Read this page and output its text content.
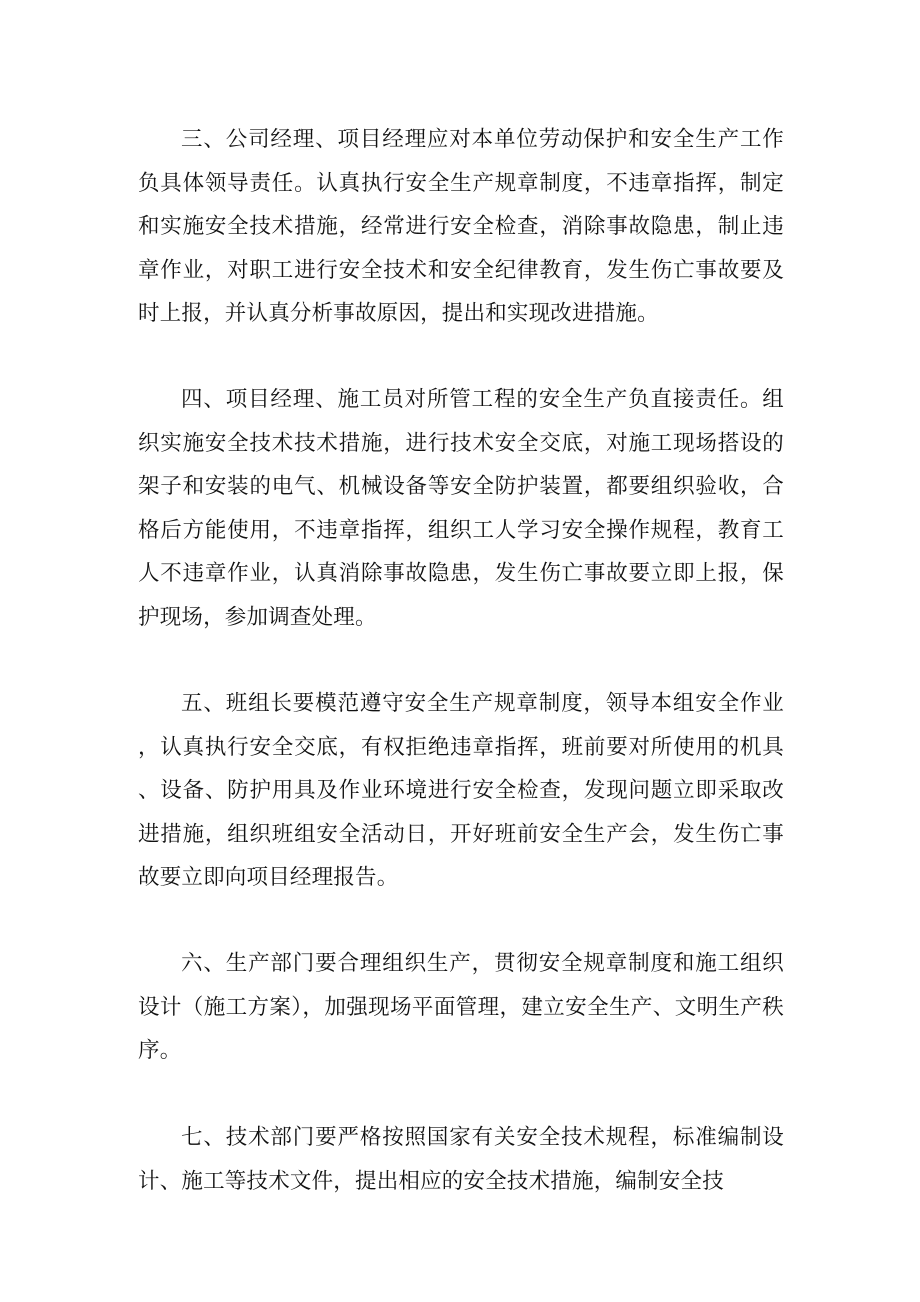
三、公司经理、项目经理应对本单位劳动保护和安全生产工作负具体领导责任。认真执行安全生产规章制度，不违章指挥，制定和实施安全技术措施，经常进行安全检查，消除事故隐患，制止违章作业，对职工进行安全技术和安全纪律教育，发生伤亡事故要及时上报，并认真分析事故原因，提出和实现改进措施。

四、项目经理、施工员对所管工程的安全生产负直接责任。组织实施安全技术技术措施，进行技术安全交底，对施工现场搭设的架子和安装的电气、机械设备等安全防护装置，都要组织验收，合格后方能使用，不违章指挥，组织工人学习安全操作规程，教育工人不违章作业，认真消除事故隐患，发生伤亡事故要立即上报，保护现场，参加调查处理。

五、班组长要模范遵守安全生产规章制度，领导本组安全作业，认真执行安全交底，有权拒绝违章指挥，班前要对所使用的机具、设备、防护用具及作业环境进行安全检查，发现问题立即采取改进措施，组织班组安全活动日，开好班前安全生产会，发生伤亡事故要立即向项目经理报告。

六、生产部门要合理组织生产，贯彻安全规章制度和施工组织设计（施工方案），加强现场平面管理，建立安全生产、文明生产秩序。

七、技术部门要严格按照国家有关安全技术规程，标准编制设计、施工等技术文件，提出相应的安全技术措施，编制安全技
